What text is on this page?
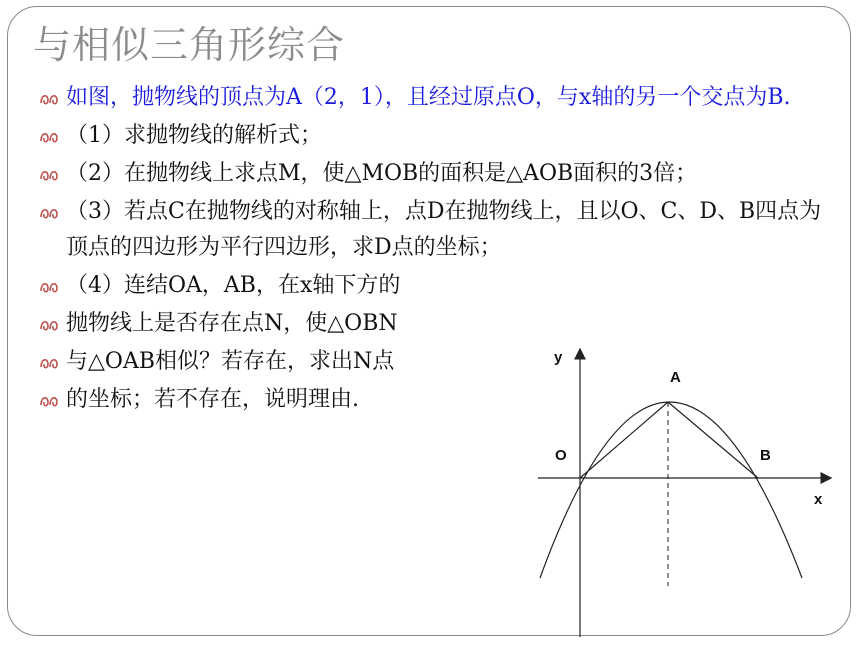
与相似三角形综合
如图，抛物线的顶点为A（2，1），且经过原点O，与x轴的另一个交点为B.
（1）求抛物线的解析式；
（2）在抛物线上求点M，使△MOB的面积是△AOB面积的3倍；
（3）若点C在抛物线的对称轴上，点D在抛物线上，且以O、C、D、B四点为顶点的四边形为平行四边形，求D点的坐标；
（4）连结OA，AB，在x轴下方的
抛物线上是否存在点N，使△OBN
与△OAB相似？若存在，求出N点
的坐标；若不存在，说明理由.
y
x
A
O	B
